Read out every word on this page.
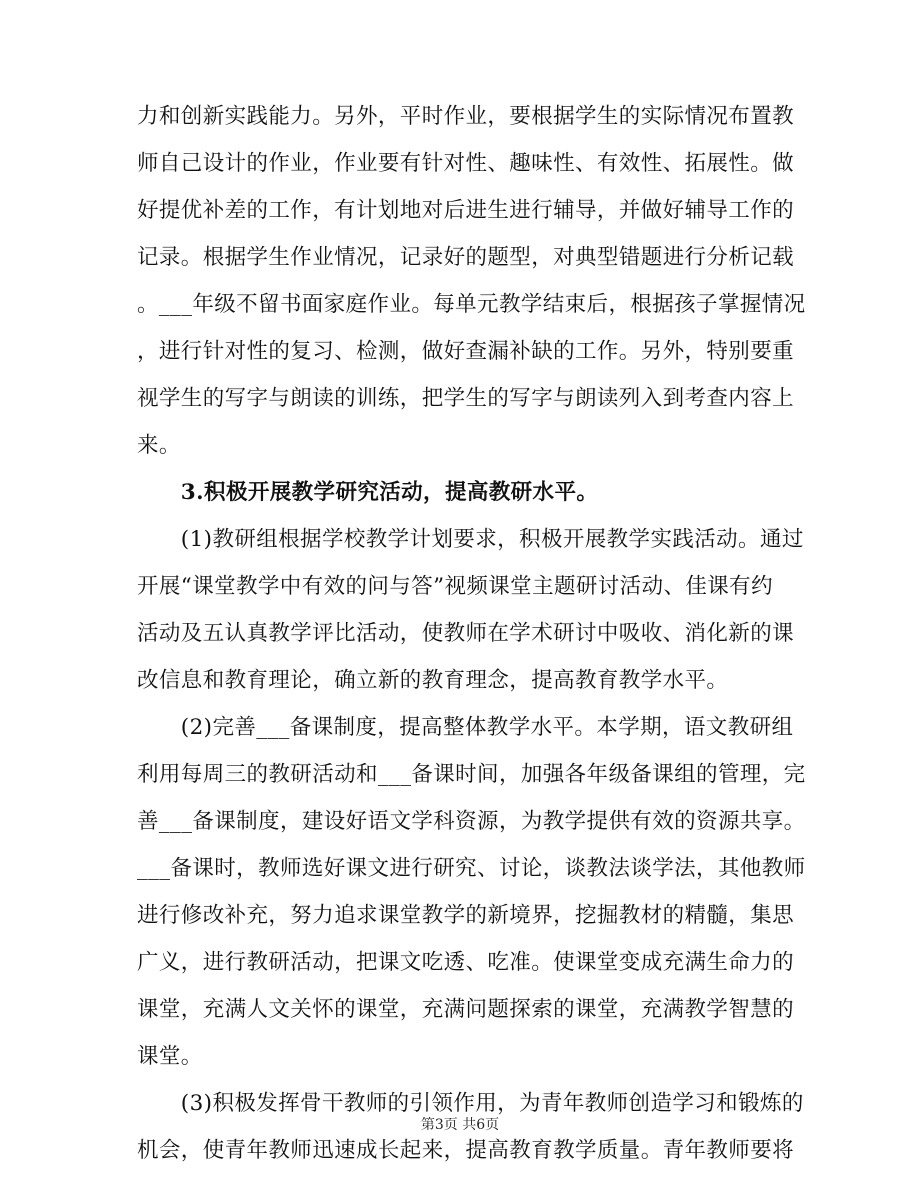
力和创新实践能力。另外，平时作业，要根据学生的实际情况布置教
师自己设计的作业，作业要有针对性、趣味性、有效性、拓展性。做
好提优补差的工作，有计划地对后进生进行辅导，并做好辅导工作的
记录。根据学生作业情况，记录好的题型，对典型错题进行分析记载
。___年级不留书面家庭作业。每单元教学结束后，根据孩子掌握情况
，进行针对性的复习、检测，做好查漏补缺的工作。另外，特别要重
视学生的写字与朗读的训练，把学生的写字与朗读列入到考查内容上
来。
　　3.积极开展教学研究活动，提高教研水平。
　　(1)教研组根据学校教学计划要求，积极开展教学实践活动。通过
开展“课堂教学中有效的问与答”视频课堂主题研讨活动、佳课有约
活动及五认真教学评比活动，使教师在学术研讨中吸收、消化新的课
改信息和教育理论，确立新的教育理念，提高教育教学水平。
　　(2)完善___备课制度，提高整体教学水平。本学期，语文教研组
利用每周三的教研活动和___备课时间，加强各年级备课组的管理，完
善___备课制度，建设好语文学科资源，为教学提供有效的资源共享。
___备课时，教师选好课文进行研究、讨论，谈教法谈学法，其他教师
进行修改补充，努力追求课堂教学的新境界，挖掘教材的精髓，集思
广义，进行教研活动，把课文吃透、吃准。使课堂变成充满生命力的
课堂，充满人文关怀的课堂，充满问题探索的课堂，充满教学智慧的
课堂。
　　(3)积极发挥骨干教师的引领作用，为青年教师创造学习和锻炼的
机会，使青年教师迅速成长起来，提高教育教学质量。青年教师要将
第3页 共6页
